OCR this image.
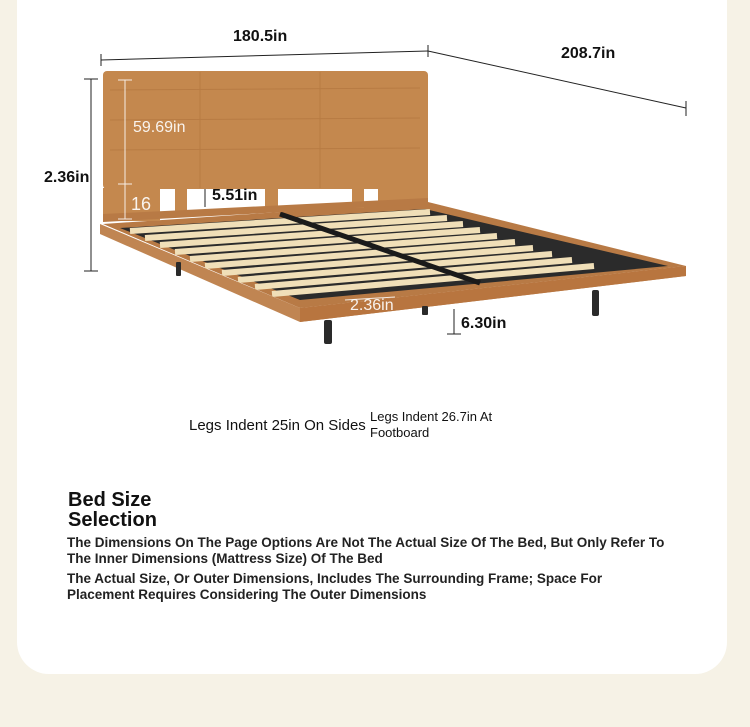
180.5in
208.7in
2.36in
59.69in
5.51in
16
2.36in
6.30in
Legs Indent 25in On Sides
Legs Indent 26.7in At Footboard
Bed Size Selection
The Dimensions On The Page Options Are Not The Actual Size Of The Bed, But Only Refer To The Inner Dimensions (Mattress Size) Of The Bed
The Actual Size, Or Outer Dimensions, Includes The Surrounding Frame; Space For Placement Requires Considering The Outer Dimensions
